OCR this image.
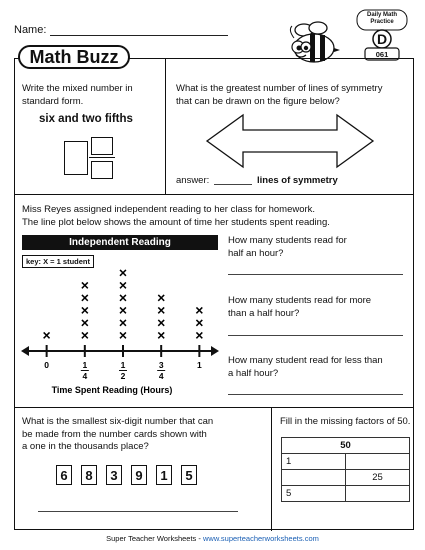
Name:
Daily Math
Practice
D
061
Write the mixed number in
standard form.
six and two fifths
What is the greatest number of lines of symmetry
that can be drawn on the figure below?
answer:	lines of symmetry
Miss Reyes assigned independent reading to her class for homework.
The line plot below shows the amount of time her students spent reading.
Independent Reading
key: X = 1 student
0	1
4
1
2
3
4
1
× ×
×
×
×
×
×
×
×
×
×
×
×
×
×
×
×
×
×
Time Spent Reading (Hours)
How many students read for
half an hour?
How many students read for more
than a half hour?
How many student read for less than
a half hour?
What is the smallest six-digit number that can
be made from the number cards shown with
a one in the thousands place?
6	8	3	9	1	5
Fill in the missing factors of 50.
50	
1	
	25
5	
Math Buzz
Super Teacher Worksheets - www.superteacherworksheets.com
